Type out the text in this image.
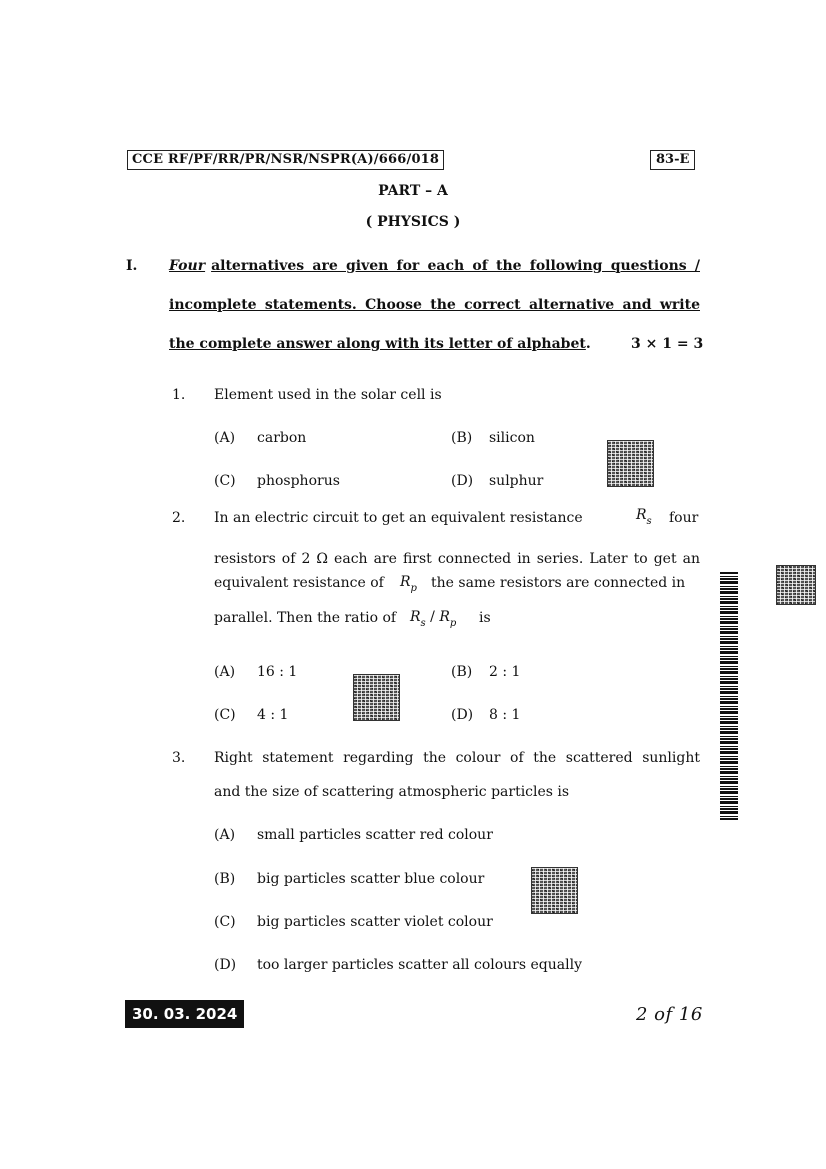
CCE RF/PF/RR/PR/NSR/NSPR(A)/666/018	83-E
PART – A
( PHYSICS )
I. Four alternatives are given for each of the following questions /
incomplete statements. Choose the correct alternative and write
the complete answer along with its letter of alphabet.	3 × 1 = 3
1. Element used in the solar cell is
(A) carbon	(B) silicon
(C) phosphorus	(D) sulphur
2. In an electric circuit to get an equivalent resistance	$R_s$ four
resistors of 2 Ω each are first connected in series. Later to get an
equivalent resistance of $R_p$ the same resistors are connected in
parallel. Then the ratio of $R_s / R_p$ is
(A) 16 : 1	(B) 2 : 1
(C) 4 : 1	(D) 8 : 1
3. Right statement regarding the colour of the scattered sunlight
and the size of scattering atmospheric particles is
(A) small particles scatter red colour
(B) big particles scatter blue colour
(C) big particles scatter violet colour
(D) too larger particles scatter all colours equally
30. 03. 2024	2 of 16
